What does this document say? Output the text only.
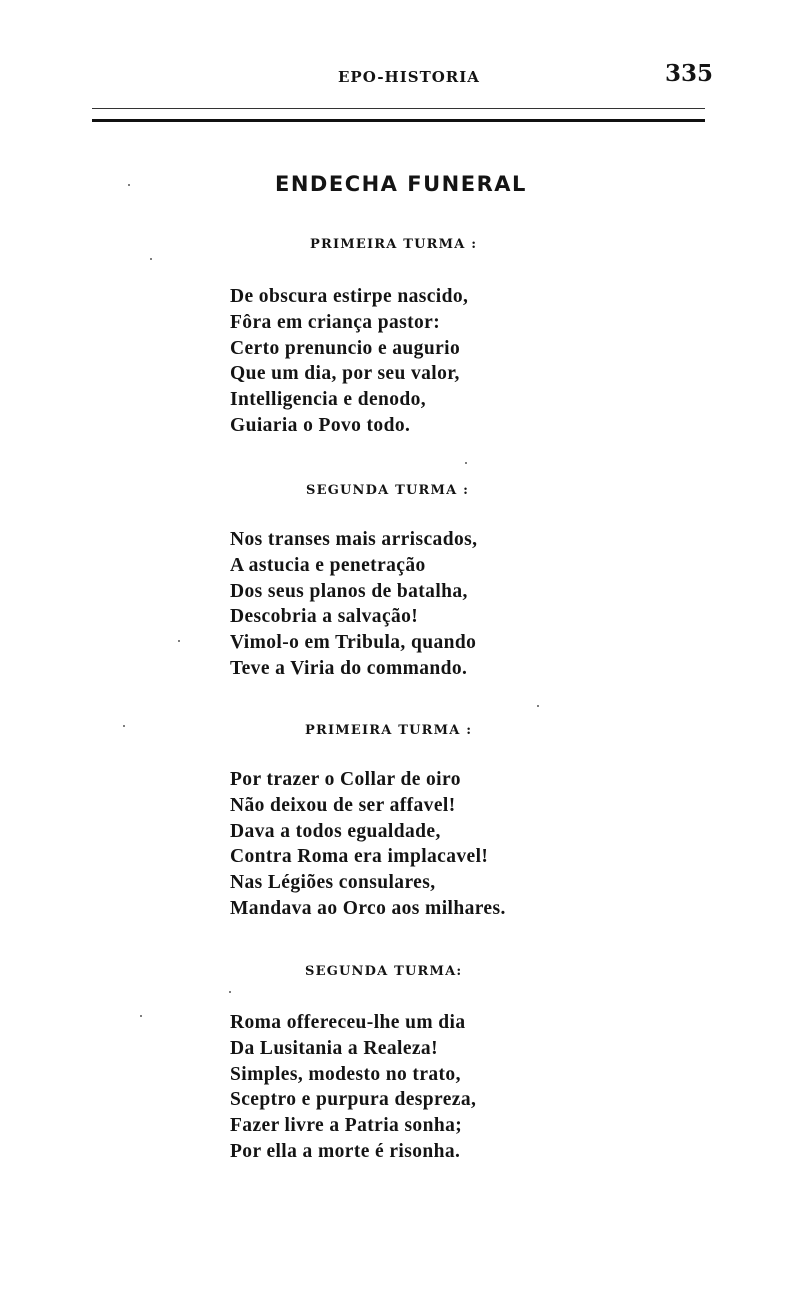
EPO-HISTORIA	335
ENDECHA FUNERAL
PRIMEIRA TURMA :
De obscura estirpe nascido,
Fôra em criança pastor:
Certo prenuncio e augurio
Que um dia, por seu valor,
Intelligencia e denodo,
Guiaria o Povo todo.
SEGUNDA TURMA :
Nos transes mais arriscados,
A astucia e penetração
Dos seus planos de batalha,
Descobria a salvação!
Vimol-o em Tribula, quando
Teve a Viria do commando.
PRIMEIRA TURMA :
Por trazer o Collar de oiro
Não deixou de ser affavel!
Dava a todos egualdade,
Contra Roma era implacavel!
Nas Légiões consulares,
Mandava ao Orco aos milhares.
SEGUNDA TURMA:
Roma offereceu-lhe um dia
Da Lusitania a Realeza!
Simples, modesto no trato,
Sceptro e purpura despreza,
Fazer livre a Patria sonha;
Por ella a morte é risonha.
